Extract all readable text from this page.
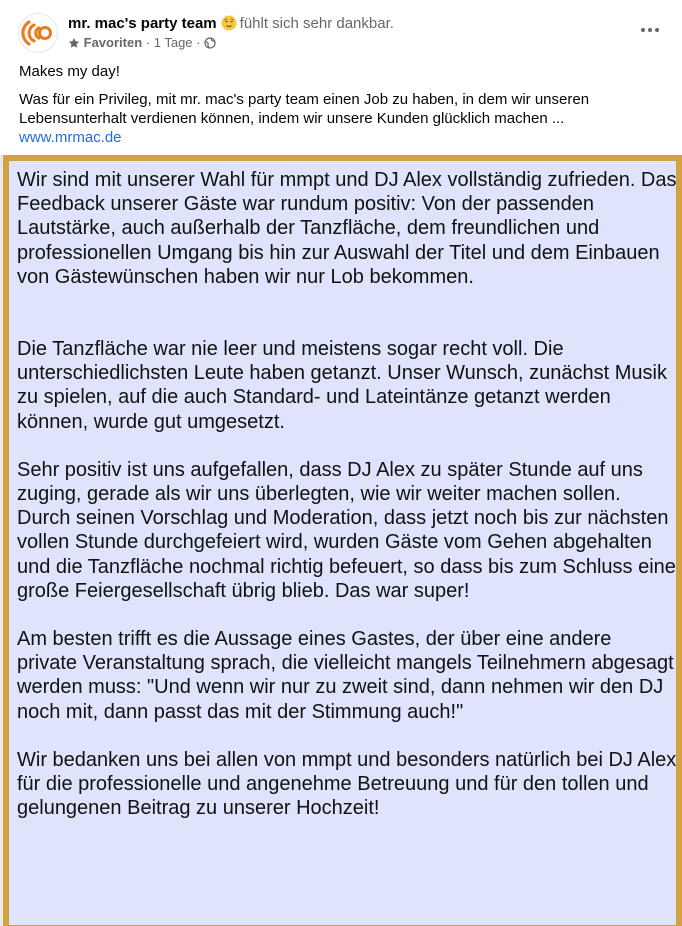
mr. mac's party team fühlt sich sehr dankbar.
Favoriten · 1 Tage ·

Makes my day!

Was für ein Privileg, mit mr. mac's party team einen Job zu haben, in dem wir unseren Lebensunterhalt verdienen können, indem wir unsere Kunden glücklich machen ...

www.mrmac.de

Wir sind mit unserer Wahl für mmpt und DJ Alex vollständig zufrieden. Das Feedback unserer Gäste war rundum positiv: Von der passenden Lautstärke, auch außerhalb der Tanzfläche, dem freundlichen und professionellen Umgang bis hin zur Auswahl der Titel und dem Einbauen von Gästewünschen haben wir nur Lob bekommen.

Die Tanzfläche war nie leer und meistens sogar recht voll. Die unterschiedlichsten Leute haben getanzt. Unser Wunsch, zunächst Musik zu spielen, auf die auch Standard- und Lateintänze getanzt werden können, wurde gut umgesetzt.

Sehr positiv ist uns aufgefallen, dass DJ Alex zu später Stunde auf uns zuging, gerade als wir uns überlegten, wie wir weiter machen sollen. Durch seinen Vorschlag und Moderation, dass jetzt noch bis zur nächsten vollen Stunde durchgefeiert wird, wurden Gäste vom Gehen abgehalten und die Tanzfläche nochmal richtig befeuert, so dass bis zum Schluss eine große Feiergesellschaft übrig blieb. Das war super!

Am besten trifft es die Aussage eines Gastes, der über eine andere private Veranstaltung sprach, die vielleicht mangels Teilnehmern abgesagt werden muss: "Und wenn wir nur zu zweit sind, dann nehmen wir den DJ noch mit, dann passt das mit der Stimmung auch!"

Wir bedanken uns bei allen von mmpt und besonders natürlich bei DJ Alex für die professionelle und angenehme Betreuung und für den tollen und gelungenen Beitrag zu unserer Hochzeit!
